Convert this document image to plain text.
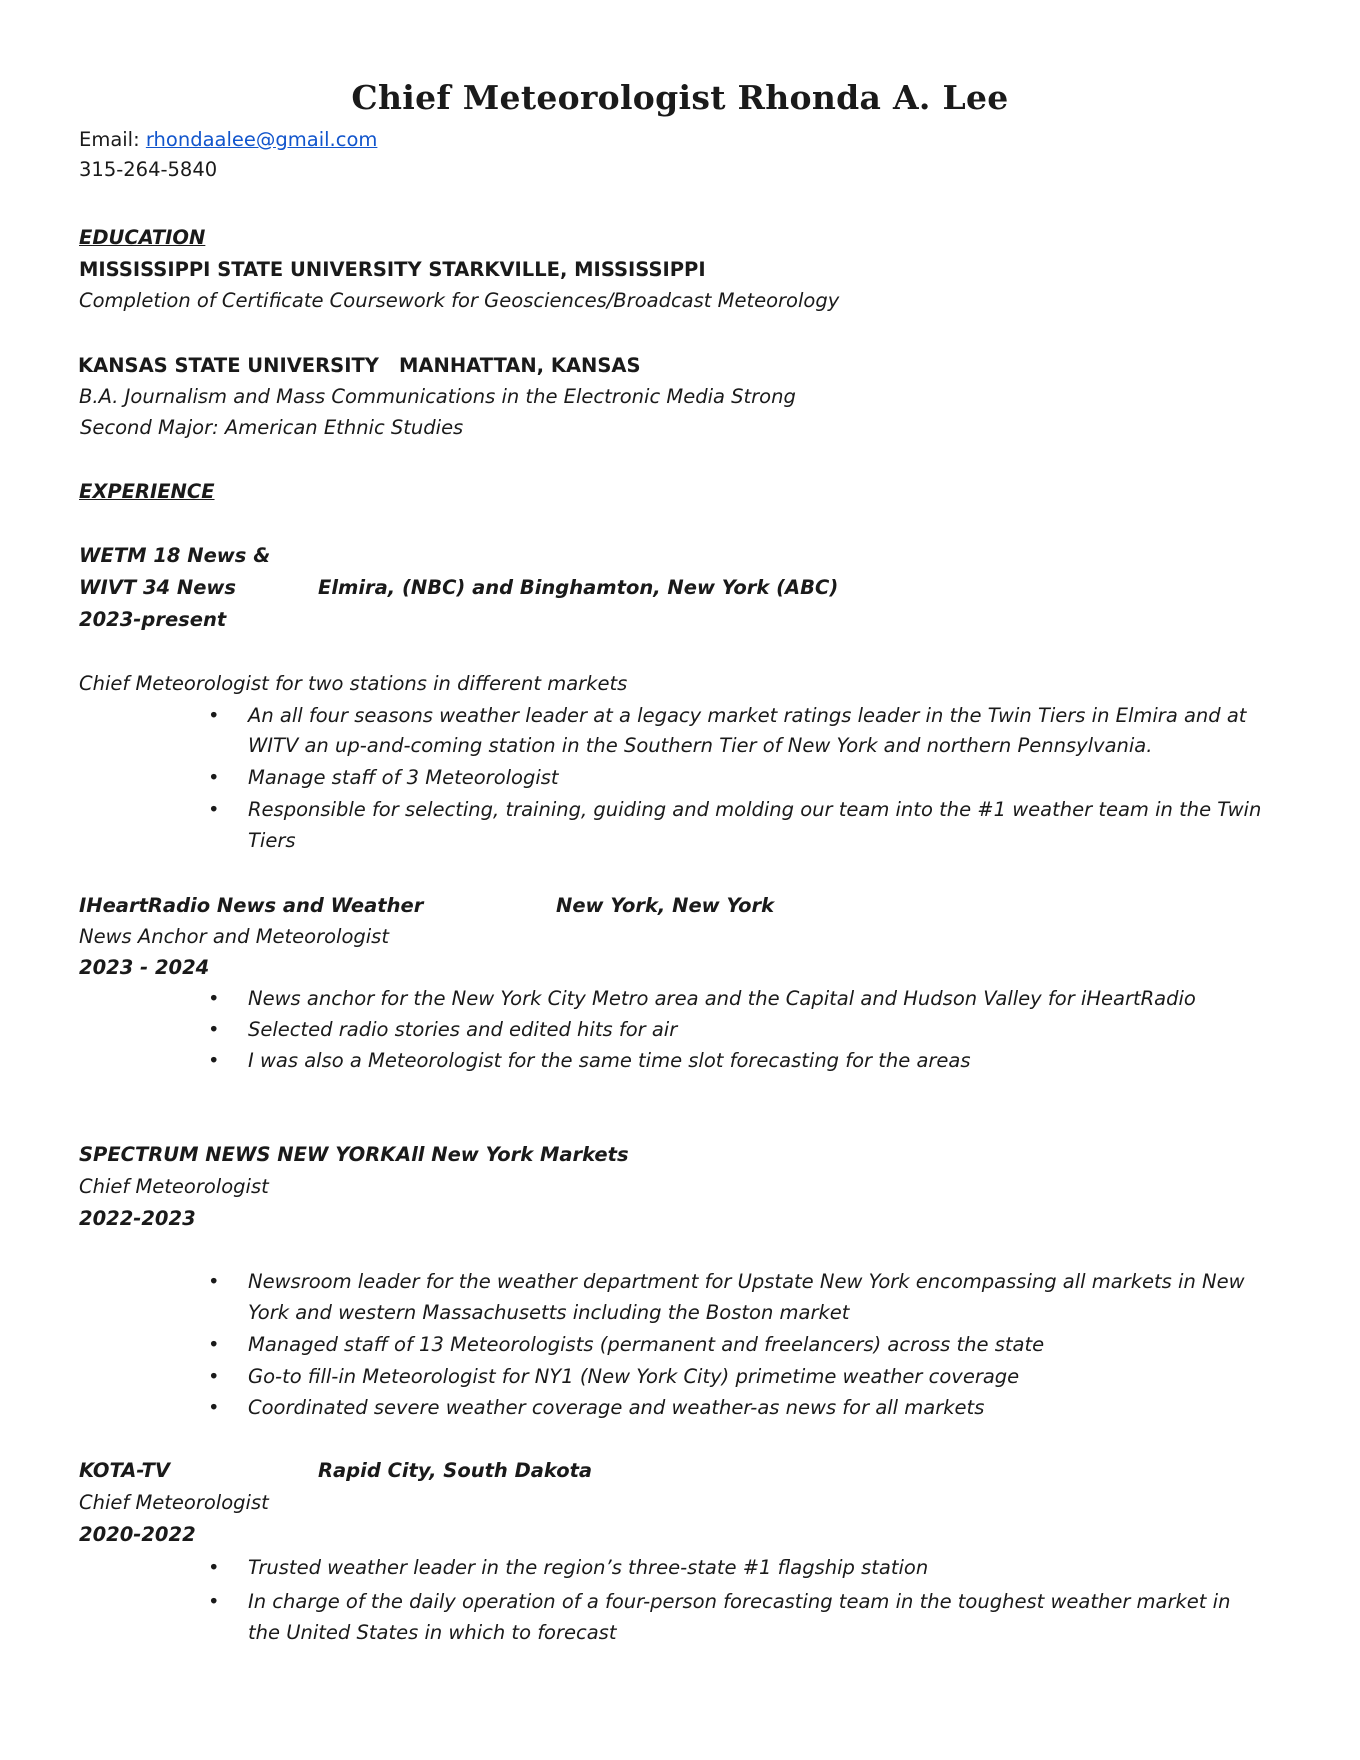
Chief Meteorologist Rhonda A. Lee
Email: rhondaalee@gmail.com
315-264-5840
EDUCATION
MISSISSIPPI STATE UNIVERSITY STARKVILLE, MISSISSIPPI
Completion of Certificate Coursework for Geosciences/Broadcast Meteorology
KANSAS STATE UNIVERSITY MANHATTAN, KANSAS
B.A. Journalism and Mass Communications in the Electronic Media Strong
Second Major: American Ethnic Studies
EXPERIENCE
WETM 18 News &
WIVT 34 News	Elmira, (NBC) and Binghamton, New York (ABC)
2023-present
Chief Meteorologist for two stations in different markets
• An all four seasons weather leader at a legacy market ratings leader in the Twin Tiers in Elmira and at
WITV an up-and-coming station in the Southern Tier of New York and northern Pennsylvania.
• Manage staff of 3 Meteorologist
• Responsible for selecting, training, guiding and molding our team into the #1 weather team in the Twin
Tiers
IHeartRadio News and Weather	New York, New York
News Anchor and Meteorologist
2023 - 2024
• News anchor for the New York City Metro area and the Capital and Hudson Valley for iHeartRadio
• Selected radio stories and edited hits for air
• I was also a Meteorologist for the same time slot forecasting for the areas
SPECTRUM NEWS NEW YORK All New York Markets
Chief Meteorologist
2022-2023
• Newsroom leader for the weather department for Upstate New York encompassing all markets in New
York and western Massachusetts including the Boston market
• Managed staff of 13 Meteorologists (permanent and freelancers) across the state
• Go-to fill-in Meteorologist for NY1 (New York City) primetime weather coverage
• Coordinated severe weather coverage and weather-as news for all markets
KOTA-TV	Rapid City, South Dakota
Chief Meteorologist
2020-2022
• Trusted weather leader in the region’s three-state #1 flagship station
• In charge of the daily operation of a four-person forecasting team in the toughest weather market in
the United States in which to forecast
